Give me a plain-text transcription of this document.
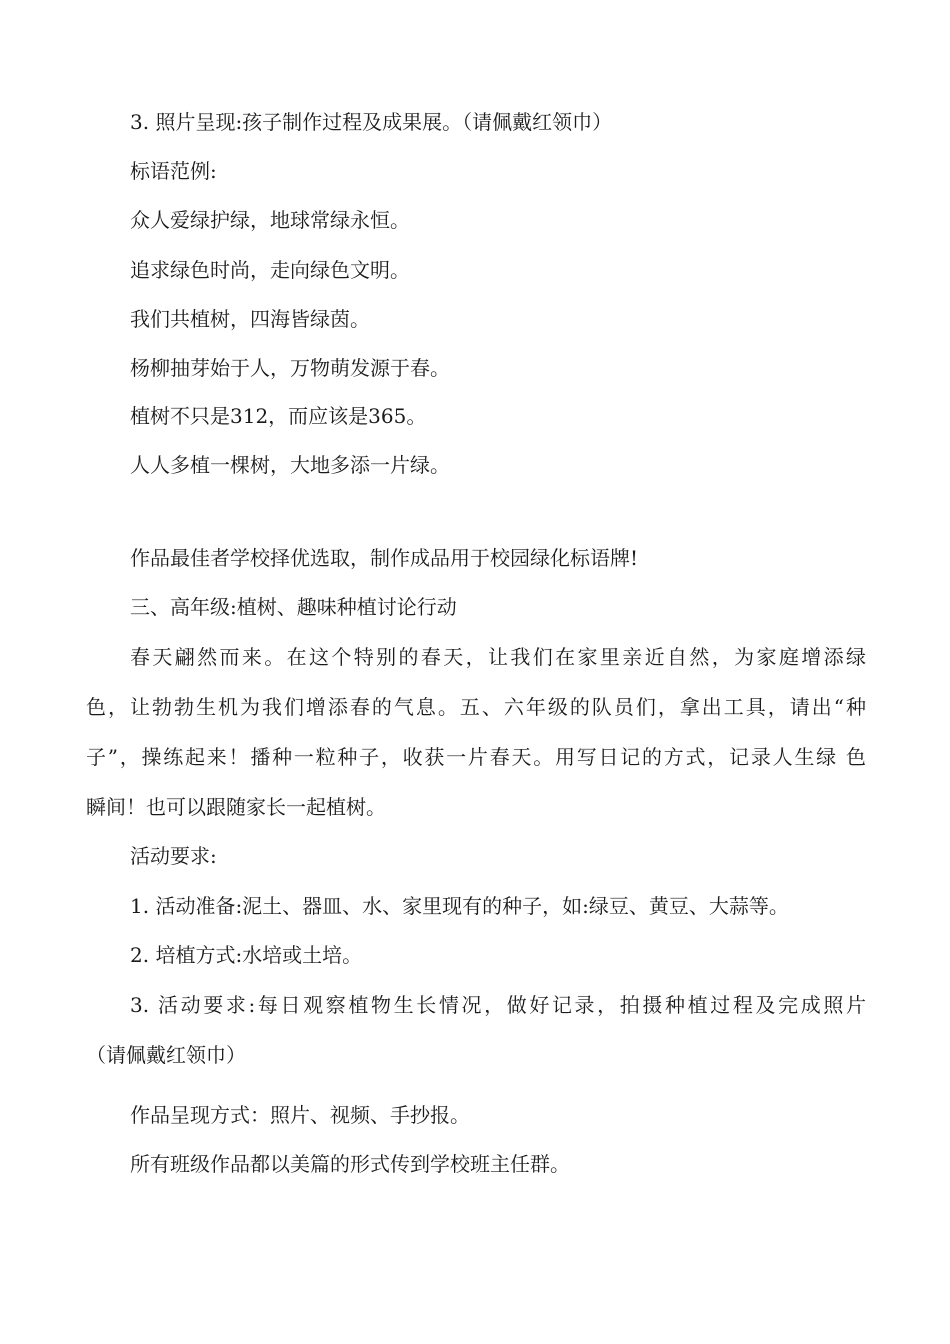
3. 照片呈现:孩子制作过程及成果展。（请佩戴红领巾）
标语范例:
众人爱绿护绿，地球常绿永恒。
追求绿色时尚，走向绿色文明。
我们共植树，四海皆绿茵。
杨柳抽芽始于人，万物萌发源于春。
植树不只是312，而应该是365。
人人多植一棵树，大地多添一片绿。
作品最佳者学校择优选取，制作成品用于校园绿化标语牌!
三、高年级:植树、趣味种植讨论行动
春天翩然而来。在这个特别的春天，让我们在家里亲近自然，为家庭增添绿
色，让勃勃生机为我们增添春的气息。五、六年级的队员们，拿出工具，请出“种
子”，操练起来！播种一粒种子，收获一片春天。用写日记的方式，记录人生绿 色
瞬间！也可以跟随家长一起植树。
活动要求:
1. 活动准备:泥土、器皿、水、家里现有的种子，如:绿豆、黄豆、大蒜等。
2. 培植方式:水培或土培。
3. 活动要求:每日观察植物生长情况，做好记录，拍摄种植过程及完成照片
（请佩戴红领巾）
作品呈现方式：照片、视频、手抄报。
所有班级作品都以美篇的形式传到学校班主任群。
